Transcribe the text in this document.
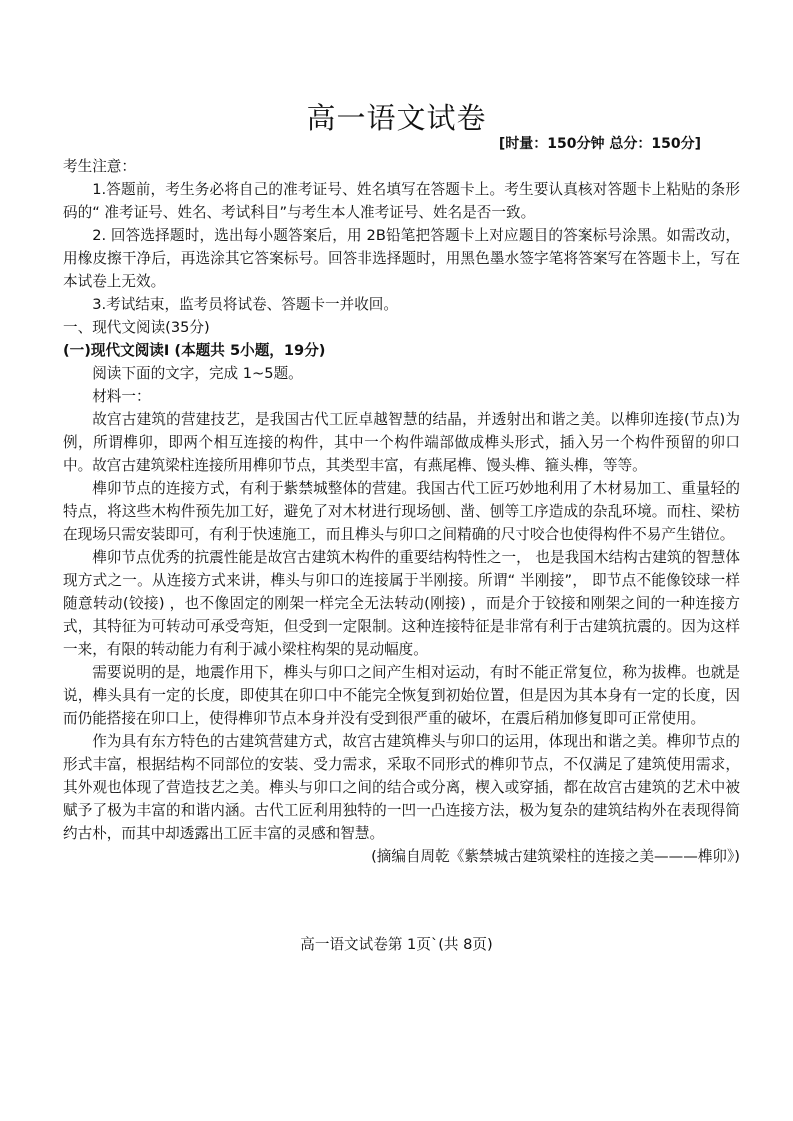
高一语文试卷
[时量：150分钟 总分：150分]

考生注意：

1.答题前，考生务必将自己的准考证号、姓名填写在答题卡上。考生要认真核对答题卡上粘贴的条形码的“ 准考证号、姓名、考试科目”与考生本人准考证号、姓名是否一致。

2. 回答选择题时，选出每小题答案后，用 2B铅笔把答题卡上对应题目的答案标号涂黑。如需改动，用橡皮擦干净后，再选涂其它答案标号。回答非选择题时，用黑色墨水签字笔将答案写在答题卡上，写在本试卷上无效。

3.考试结束，监考员将试卷、答题卡一并收回。

一、现代文阅读(35分)

(一)现代文阅读Ⅰ (本题共 5小题，19分)

阅读下面的文字，完成 1~5题。

材料一：

故宫古建筑的营建技艺，是我国古代工匠卓越智慧的结晶，并透射出和谐之美。以榫卯连接(节点)为例，所谓榫卯，即两个相互连接的构件，其中一个构件端部做成榫头形式，插入另一个构件预留的卯口中。故宫古建筑梁柱连接所用榫卯节点，其类型丰富，有燕尾榫、馒头榫、箍头榫，等等。

榫卯节点的连接方式，有利于紫禁城整体的营建。我国古代工匠巧妙地利用了木材易加工、重量轻的特点，将这些木构件预先加工好，避免了对木材进行现场刨、凿、刨等工序造成的杂乱环境。而柱、梁枋在现场只需安装即可，有利于快速施工，而且榫头与卯口之间精确的尺寸咬合也使得构件不易产生错位。

榫卯节点优秀的抗震性能是故宫古建筑木构件的重要结构特性之一， 也是我国木结构古建筑的智慧体现方式之一。从连接方式来讲，榫头与卯口的连接属于半刚接。所谓“ 半刚接”， 即节点不能像铰球一样随意转动(铰接) ，也不像固定的刚架一样完全无法转动(刚接) ，而是介于铰接和刚架之间的一种连接方式，其特征为可转动可承受弯矩，但受到一定限制。这种连接特征是非常有利于古建筑抗震的。因为这样一来，有限的转动能力有利于减小梁柱构架的晃动幅度。

需要说明的是，地震作用下，榫头与卯口之间产生相对运动，有时不能正常复位，称为拔榫。也就是说，榫头具有一定的长度，即使其在卯口中不能完全恢复到初始位置，但是因为其本身有一定的长度，因而仍能搭接在卯口上，使得榫卯节点本身并没有受到很严重的破坏，在震后稍加修复即可正常使用。

作为具有东方特色的古建筑营建方式，故宫古建筑榫头与卯口的运用，体现出和谐之美。榫卯节点的形式丰富，根据结构不同部位的安装、受力需求，采取不同形式的榫卯节点，不仅满足了建筑使用需求，其外观也体现了营造技艺之美。榫头与卯口之间的结合或分离，楔入或穿插，都在故宫古建筑的艺术中被赋予了极为丰富的和谐内涵。古代工匠利用独特的一凹一凸连接方法，极为复杂的建筑结构外在表现得简约古朴，而其中却透露出工匠丰富的灵感和智慧。

(摘编自周乾《紫禁城古建筑梁柱的连接之美———榫卯》)

高一语文试卷第 1页`(共 8页)
